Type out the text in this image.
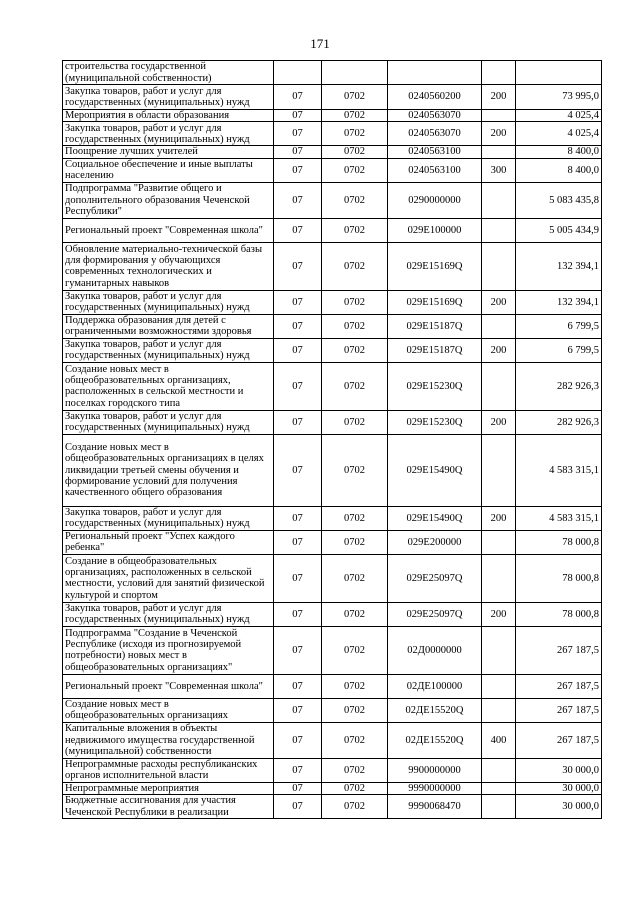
171
строительства государственной (муниципальной собственности)					
Закупка товаров, работ и услуг для государственных (муниципальных) нужд	07	0702	0240560200	200	73 995,0
Мероприятия в области образования	07	0702	0240563070		4 025,4
Закупка товаров, работ и услуг для государственных (муниципальных) нужд	07	0702	0240563070	200	4 025,4
Поощрение лучших учителей	07	0702	0240563100		8 400,0
Социальное обеспечение и иные выплаты населению	07	0702	0240563100	300	8 400,0
Подпрограмма "Развитие общего и дополнительного образования Чеченской Республики"	07	0702	0290000000		5 083 435,8
Региональный проект "Современная школа"	07	0702	029E100000		5 005 434,9
Обновление материально-технической базы для формирования у обучающихся современных технологических и гуманитарных навыков	07	0702	029E15169Q		132 394,1
Закупка товаров, работ и услуг для государственных (муниципальных) нужд	07	0702	029E15169Q	200	132 394,1
Поддержка образования для детей с ограниченными возможностями здоровья	07	0702	029E15187Q		6 799,5
Закупка товаров, работ и услуг для государственных (муниципальных) нужд	07	0702	029E15187Q	200	6 799,5
Создание новых мест в общеобразовательных организациях, расположенных в сельской местности и поселках городского типа	07	0702	029E15230Q		282 926,3
Закупка товаров, работ и услуг для государственных (муниципальных) нужд	07	0702	029E15230Q	200	282 926,3
Создание новых мест в общеобразовательных организациях в целях ликвидации третьей смены обучения и формирование условий для получения качественного общего образования	07	0702	029E15490Q		4 583 315,1
Закупка товаров, работ и услуг для государственных (муниципальных) нужд	07	0702	029E15490Q	200	4 583 315,1
Региональный проект "Успех каждого ребенка"	07	0702	029E200000		78 000,8
Создание в общеобразовательных организациях, расположенных в сельской местности, условий для занятий физической культурой и спортом	07	0702	029E25097Q		78 000,8
Закупка товаров, работ и услуг для государственных (муниципальных) нужд	07	0702	029E25097Q	200	78 000,8
Подпрограмма "Создание в Чеченской Республике (исходя из прогнозируемой потребности) новых мест в общеобразовательных организациях"	07	0702	02Д0000000		267 187,5
Региональный проект "Современная школа"	07	0702	02ДЕ100000		267 187,5
Создание новых мест в общеобразовательных организациях	07	0702	02ДЕ15520Q		267 187,5
Капитальные вложения в объекты недвижимого имущества государственной (муниципальной) собственности	07	0702	02ДЕ15520Q	400	267 187,5
Непрограммные расходы республиканских органов исполнительной власти	07	0702	9900000000		30 000,0
Непрограммные мероприятия	07	0702	9990000000		30 000,0
Бюджетные ассигнования для участия Чеченской Республики в реализации	07	0702	9990068470		30 000,0
